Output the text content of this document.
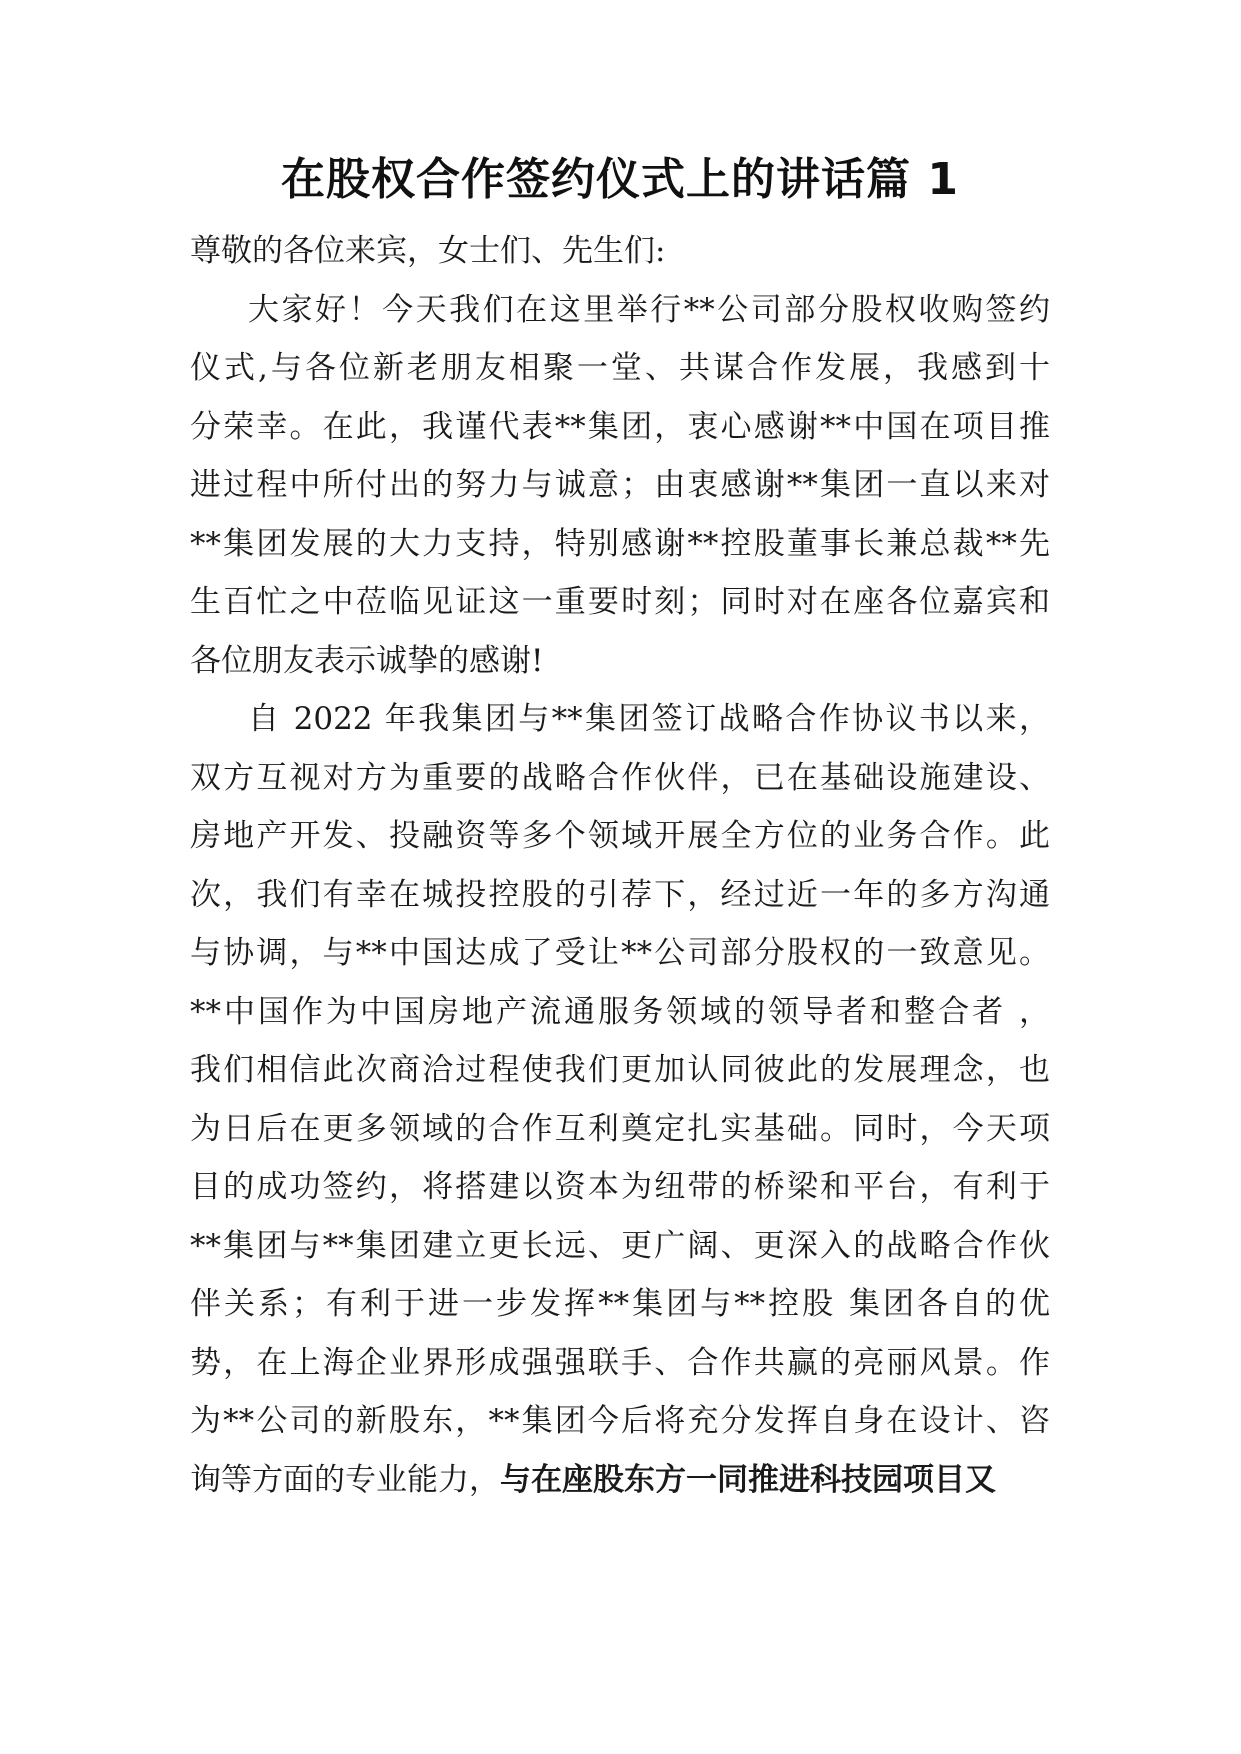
在股权合作签约仪式上的讲话篇 1
尊敬的各位来宾，女士们、先生们:
大家好！今天我们在这里举行**公司部分股权收购签约
仪式,与各位新老朋友相聚一堂、共谋合作发展，我感到十
分荣幸。在此，我谨代表**集团，衷心感谢**中国在项目推
进过程中所付出的努力与诚意；由衷感谢**集团一直以来对
**集团发展的大力支持，特别感谢**控股董事长兼总裁**先
生百忙之中莅临见证这一重要时刻；同时对在座各位嘉宾和
各位朋友表示诚挚的感谢!
自 2022 年我集团与**集团签订战略合作协议书以来，
双方互视对方为重要的战略合作伙伴，已在基础设施建设、
房地产开发、投融资等多个领域开展全方位的业务合作。此
次，我们有幸在城投控股的引荐下，经过近一年的多方沟通
与协调，与**中国达成了受让**公司部分股权的一致意见。
**中国作为中国房地产流通服务领域的领导者和整合者 ，
我们相信此次商洽过程使我们更加认同彼此的发展理念，也
为日后在更多领域的合作互利奠定扎实基础。同时，今天项
目的成功签约，将搭建以资本为纽带的桥梁和平台，有利于
**集团与**集团建立更长远、更广阔、更深入的战略合作伙
伴关系；有利于进一步发挥**集团与**控股 集团各自的优
势，在上海企业界形成强强联手、合作共赢的亮丽风景。作
为**公司的新股东，**集团今后将充分发挥自身在设计、咨
询等方面的专业能力，与在座股东方一同推进科技园项目又
